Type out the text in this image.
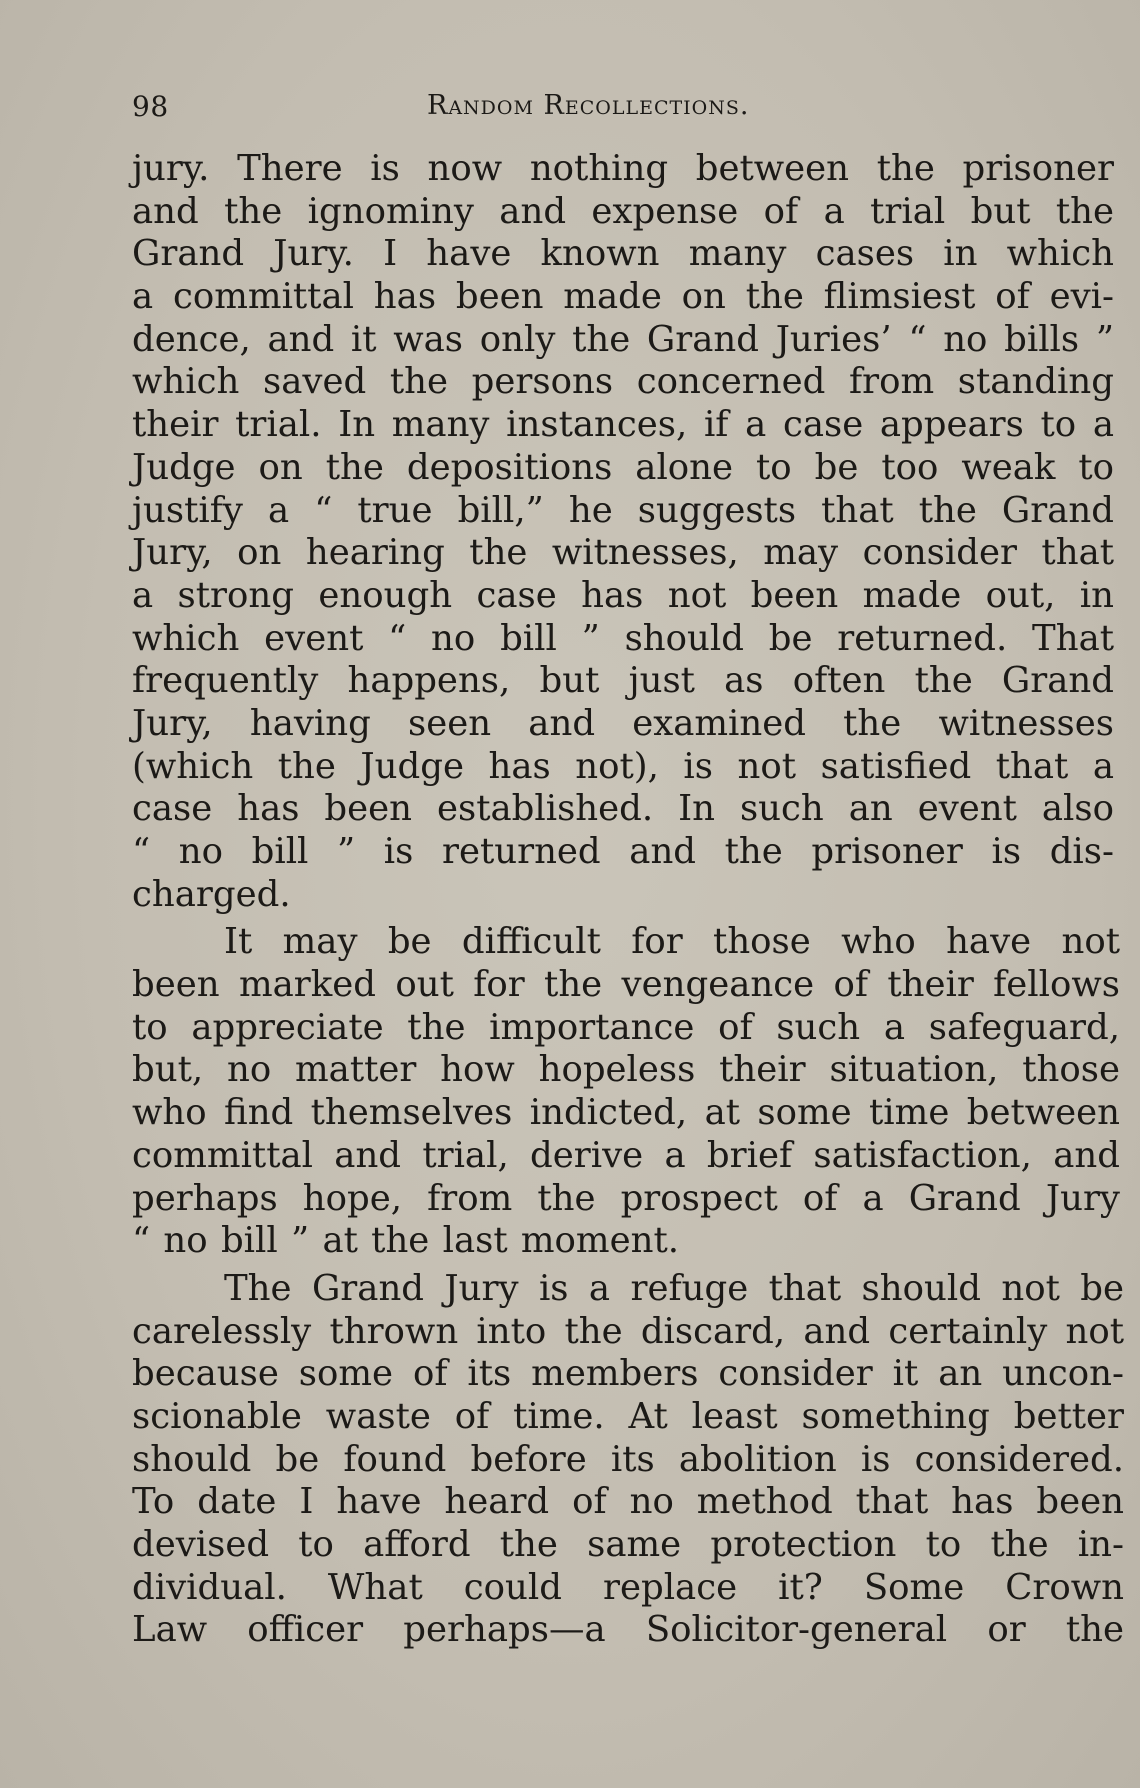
98	Random Recollections.
jury. There is now nothing between the prisoner
and the ignominy and expense of a trial but the
Grand Jury. I have known many cases in which
a committal has been made on the flimsiest of evi-
dence, and it was only the Grand Juries’ “ no bills ”
which saved the persons concerned from standing
their trial. In many instances, if a case appears to a
Judge on the depositions alone to be too weak to
justify a “ true bill,” he suggests that the Grand
Jury, on hearing the witnesses, may consider that
a strong enough case has not been made out, in
which event “ no bill ” should be returned. That
frequently happens, but just as often the Grand
Jury, having seen and examined the witnesses
(which the Judge has not), is not satisfied that a
case has been established. In such an event also
“ no bill ” is returned and the prisoner is dis-
charged.
It may be difficult for those who have not
been marked out for the vengeance of their fellows
to appreciate the importance of such a safeguard,
but, no matter how hopeless their situation, those
who find themselves indicted, at some time between
committal and trial, derive a brief satisfaction, and
perhaps hope, from the prospect of a Grand Jury
“ no bill ” at the last moment.
The Grand Jury is a refuge that should not be
carelessly thrown into the discard, and certainly not
because some of its members consider it an uncon-
scionable waste of time. At least something better
should be found before its abolition is considered.
To date I have heard of no method that has been
devised to afford the same protection to the in-
dividual. What could replace it? Some Crown
Law officer perhaps—a Solicitor-general or the
